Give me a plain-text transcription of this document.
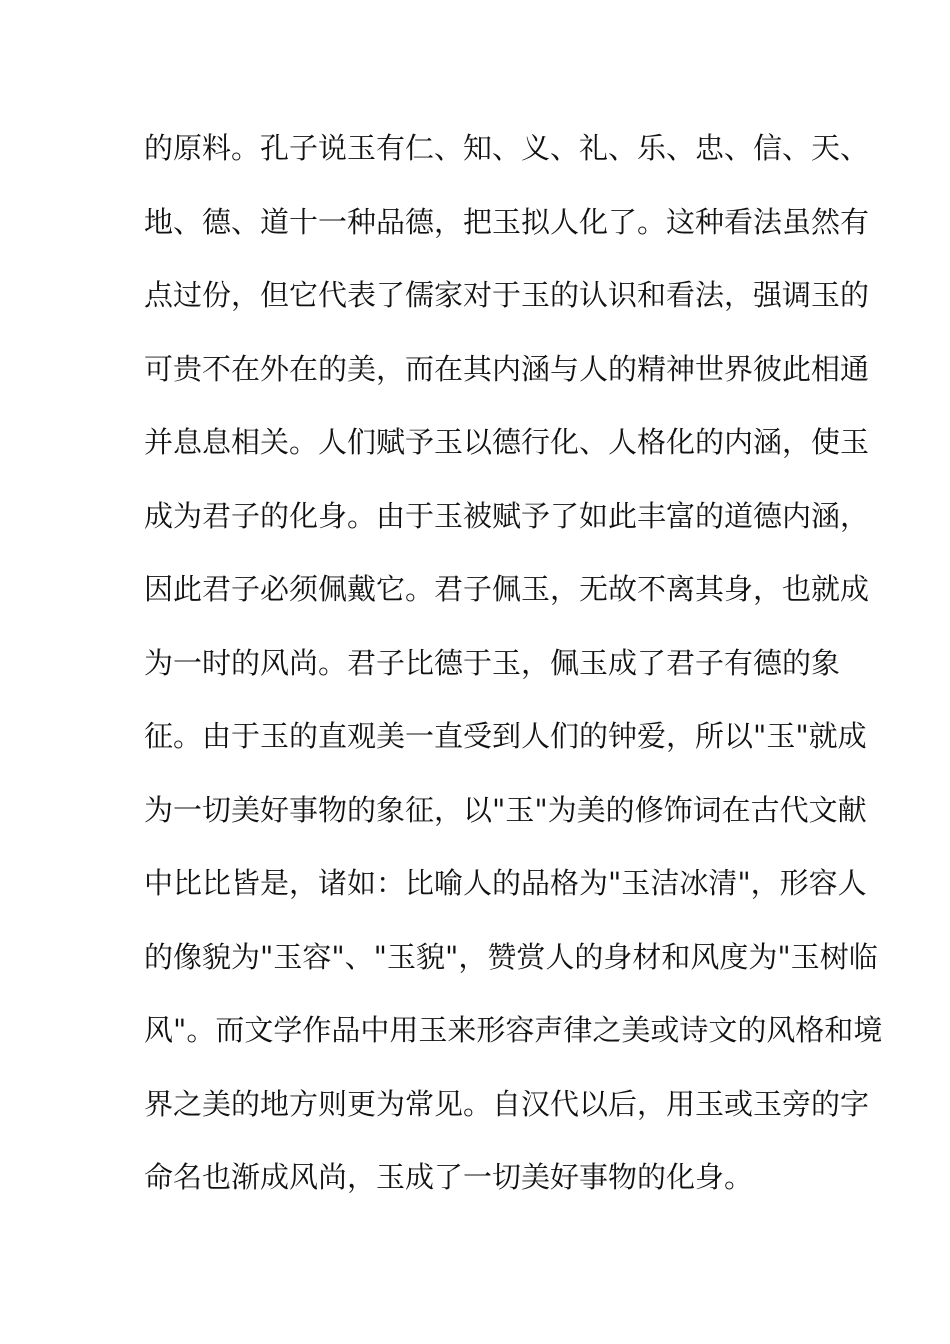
的原料。孔子说玉有仁、知、义、礼、乐、忠、信、天、
地、德、道十一种品德，把玉拟人化了。这种看法虽然有
点过份，但它代表了儒家对于玉的认识和看法，强调玉的
可贵不在外在的美，而在其内涵与人的精神世界彼此相通
并息息相关。人们赋予玉以德行化、人格化的内涵，使玉
成为君子的化身。由于玉被赋予了如此丰富的道德内涵，
因此君子必须佩戴它。君子佩玉，无故不离其身，也就成
为一时的风尚。君子比德于玉，佩玉成了君子有德的象
征。由于玉的直观美一直受到人们的钟爱，所以"玉"就成
为一切美好事物的象征，以"玉"为美的修饰词在古代文献
中比比皆是，诸如：比喻人的品格为"玉洁冰清"，形容人
的像貌为"玉容"、"玉貌"，赞赏人的身材和风度为"玉树临
风"。而文学作品中用玉来形容声律之美或诗文的风格和境
界之美的地方则更为常见。自汉代以后，用玉或玉旁的字
命名也渐成风尚，玉成了一切美好事物的化身。
